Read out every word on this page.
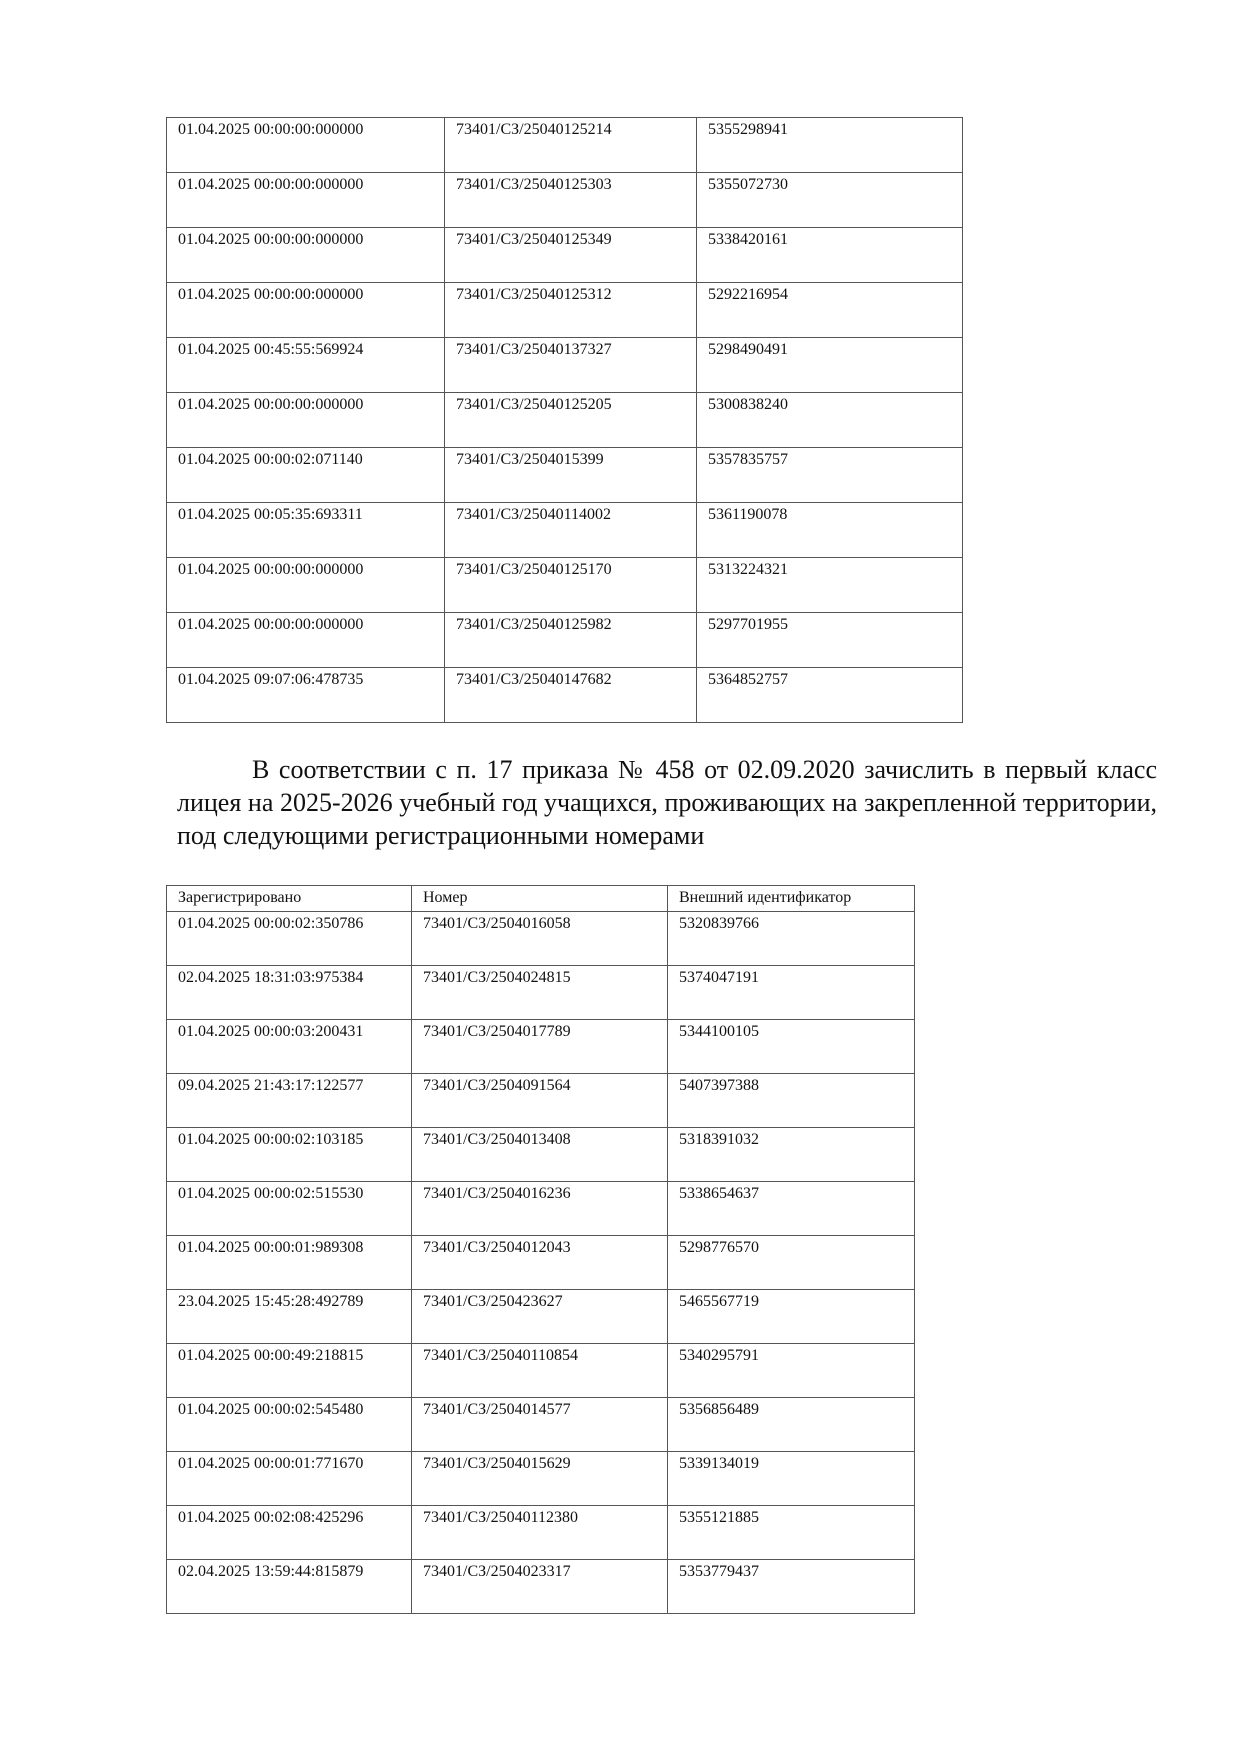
01.04.2025 00:00:00:000000	73401/СЗ/25040125214	5355298941
01.04.2025 00:00:00:000000	73401/СЗ/25040125303	5355072730
01.04.2025 00:00:00:000000	73401/СЗ/25040125349	5338420161
01.04.2025 00:00:00:000000	73401/СЗ/25040125312	5292216954
01.04.2025 00:45:55:569924	73401/СЗ/25040137327	5298490491
01.04.2025 00:00:00:000000	73401/СЗ/25040125205	5300838240
01.04.2025 00:00:02:071140	73401/СЗ/2504015399	5357835757
01.04.2025 00:05:35:693311	73401/СЗ/25040114002	5361190078
01.04.2025 00:00:00:000000	73401/СЗ/25040125170	5313224321
01.04.2025 00:00:00:000000	73401/СЗ/25040125982	5297701955
01.04.2025 09:07:06:478735	73401/СЗ/25040147682	5364852757
В соответствии с п. 17 приказа № 458 от 02.09.2020 зачислить в первый класс лицея на 2025-2026 учебный год учащихся, проживающих на закрепленной территории, под следующими регистрационными номерами
Зарегистрировано	Номер	Внешний идентификатор
01.04.2025 00:00:02:350786	73401/СЗ/2504016058	5320839766
02.04.2025 18:31:03:975384	73401/СЗ/2504024815	5374047191
01.04.2025 00:00:03:200431	73401/СЗ/2504017789	5344100105
09.04.2025 21:43:17:122577	73401/СЗ/2504091564	5407397388
01.04.2025 00:00:02:103185	73401/СЗ/2504013408	5318391032
01.04.2025 00:00:02:515530	73401/СЗ/2504016236	5338654637
01.04.2025 00:00:01:989308	73401/СЗ/2504012043	5298776570
23.04.2025 15:45:28:492789	73401/СЗ/250423627	5465567719
01.04.2025 00:00:49:218815	73401/СЗ/25040110854	5340295791
01.04.2025 00:00:02:545480	73401/СЗ/2504014577	5356856489
01.04.2025 00:00:01:771670	73401/СЗ/2504015629	5339134019
01.04.2025 00:02:08:425296	73401/СЗ/25040112380	5355121885
02.04.2025 13:59:44:815879	73401/СЗ/2504023317	5353779437
